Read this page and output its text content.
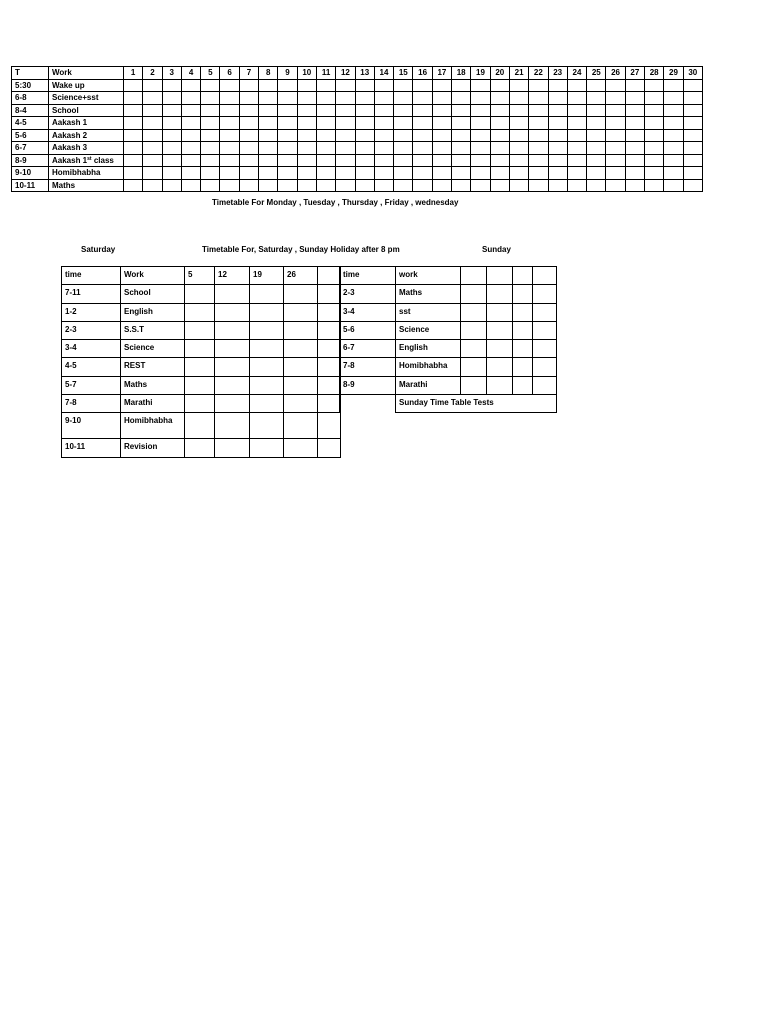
T	Work	1	2	3	4	5	6	7	8	9	10	11	12	13	14	15	16	17	18	19	20	21	22	23	24	25	26	27	28	29	30
5:30	Wake up																														
6-8	Science+sst																														
8-4	School																														
4-5	Aakash 1																														
5-6	Aakash 2																														
6-7	Aakash 3																														
8-9	Aakash 1st class																														
9-10	Homibhabha																														
10-11	Maths																														
Timetable For Monday , Tuesday , Thursday , Friday , wednesday
Saturday	Timetable For, Saturday , Sunday Holiday after 8 pm	Sunday
time	Work	5	12	19	26	
7-11	School					
1-2	English					
2-3	S.S.T					
3-4	Science					
4-5	REST					
5-7	Maths					
7-8	Marathi					
9-10	Homibhabha					
10-11	Revision					
time	work				
2-3	Maths				
3-4	sst				
5-6	Science				
6-7	English				
7-8	Homibhabha				
8-9	Marathi				
	Sunday Time Table Tests				
